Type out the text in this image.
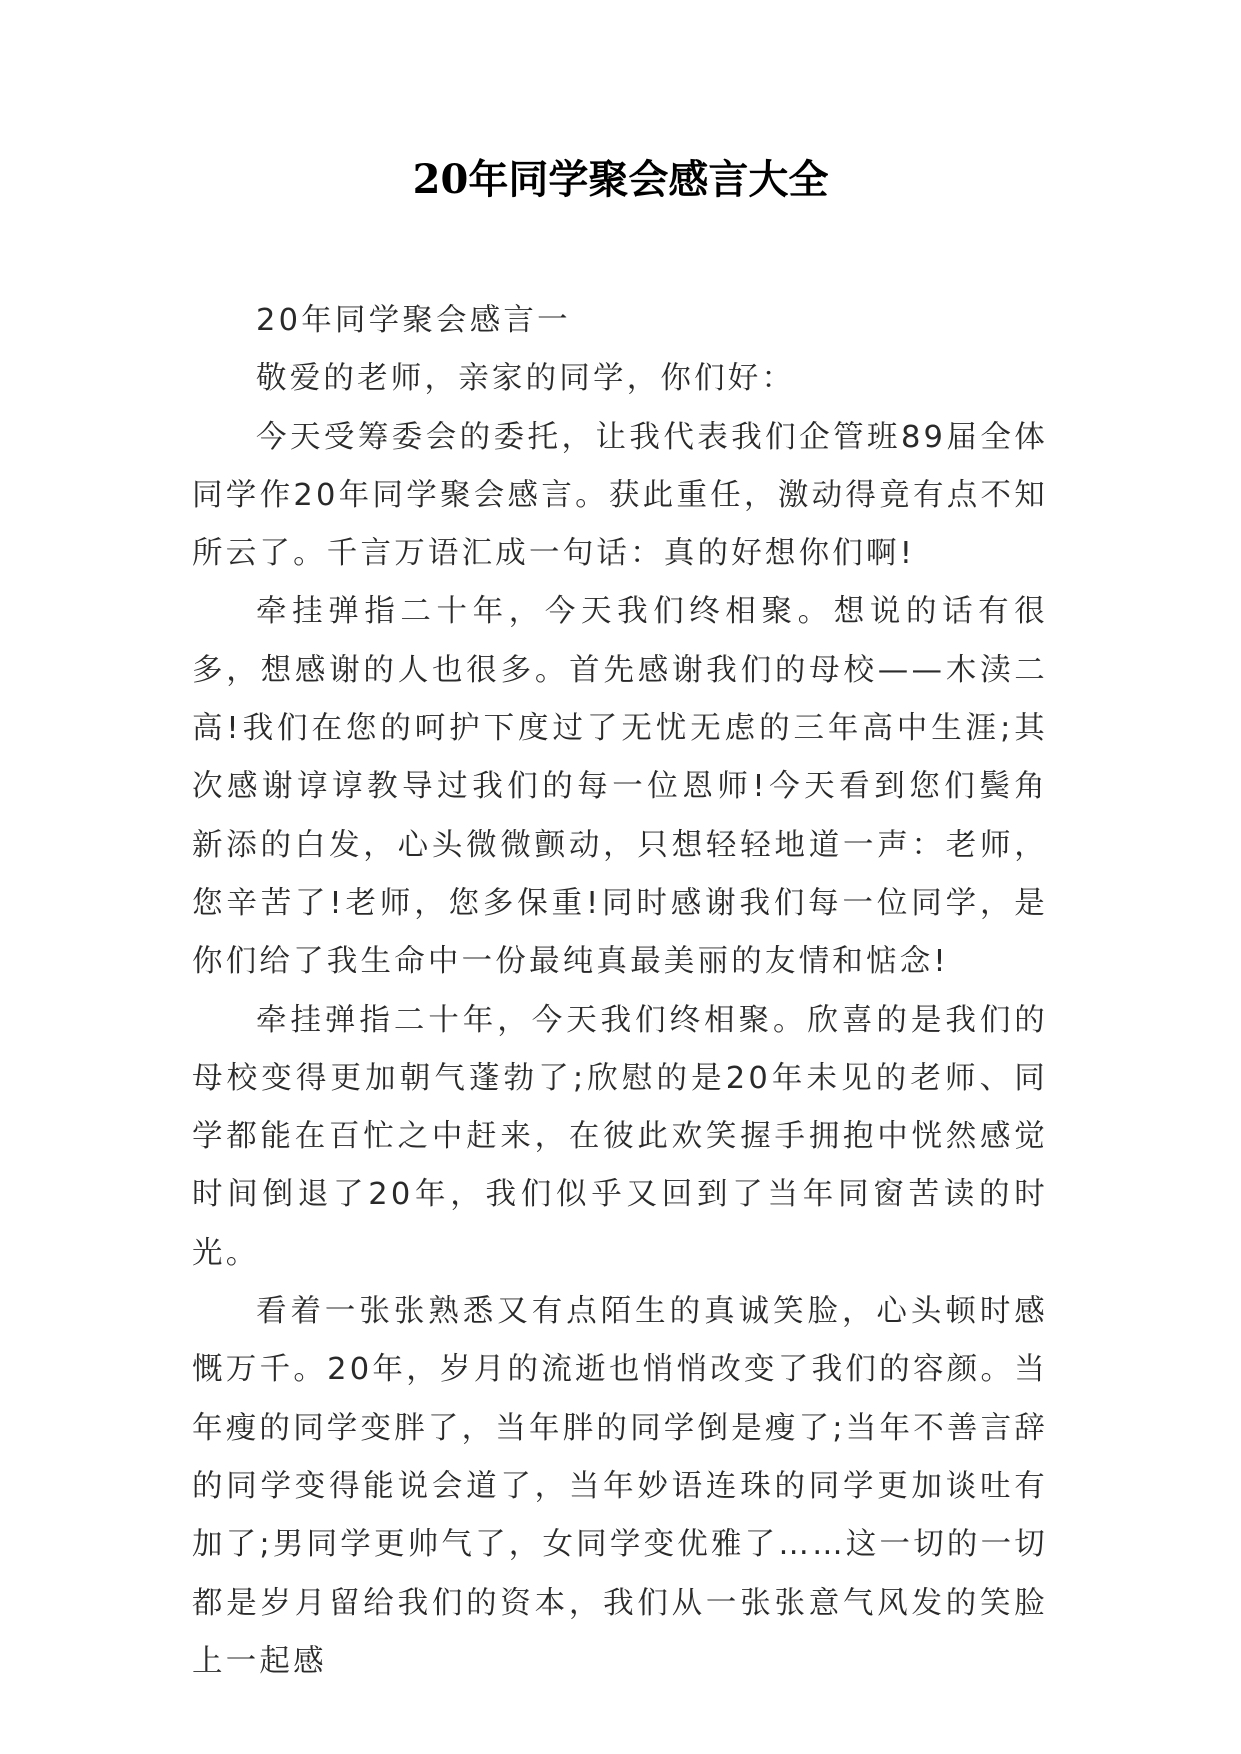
20年同学聚会感言大全

20年同学聚会感言一

敬爱的老师，亲家的同学，你们好：

今天受筹委会的委托，让我代表我们企管班89届全体同学作20年同学聚会感言。获此重任，激动得竟有点不知所云了。千言万语汇成一句话：真的好想你们啊!

牵挂弹指二十年，今天我们终相聚。想说的话有很多，想感谢的人也很多。首先感谢我们的母校——木渎二高!我们在您的呵护下度过了无忧无虑的三年高中生涯;其次感谢谆谆教导过我们的每一位恩师!今天看到您们鬓角新添的白发，心头微微颤动，只想轻轻地道一声：老师，您辛苦了!老师，您多保重!同时感谢我们每一位同学，是你们给了我生命中一份最纯真最美丽的友情和惦念!

牵挂弹指二十年，今天我们终相聚。欣喜的是我们的母校变得更加朝气蓬勃了;欣慰的是20年未见的老师、同学都能在百忙之中赶来，在彼此欢笑握手拥抱中恍然感觉时间倒退了20年，我们似乎又回到了当年同窗苦读的时光。

看着一张张熟悉又有点陌生的真诚笑脸，心头顿时感慨万千。20年，岁月的流逝也悄悄改变了我们的容颜。当年瘦的同学变胖了，当年胖的同学倒是瘦了;当年不善言辞的同学变得能说会道了，当年妙语连珠的同学更加谈吐有加了;男同学更帅气了，女同学变优雅了……这一切的一切都是岁月留给我们的资本，我们从一张张意气风发的笑脸上一起感
